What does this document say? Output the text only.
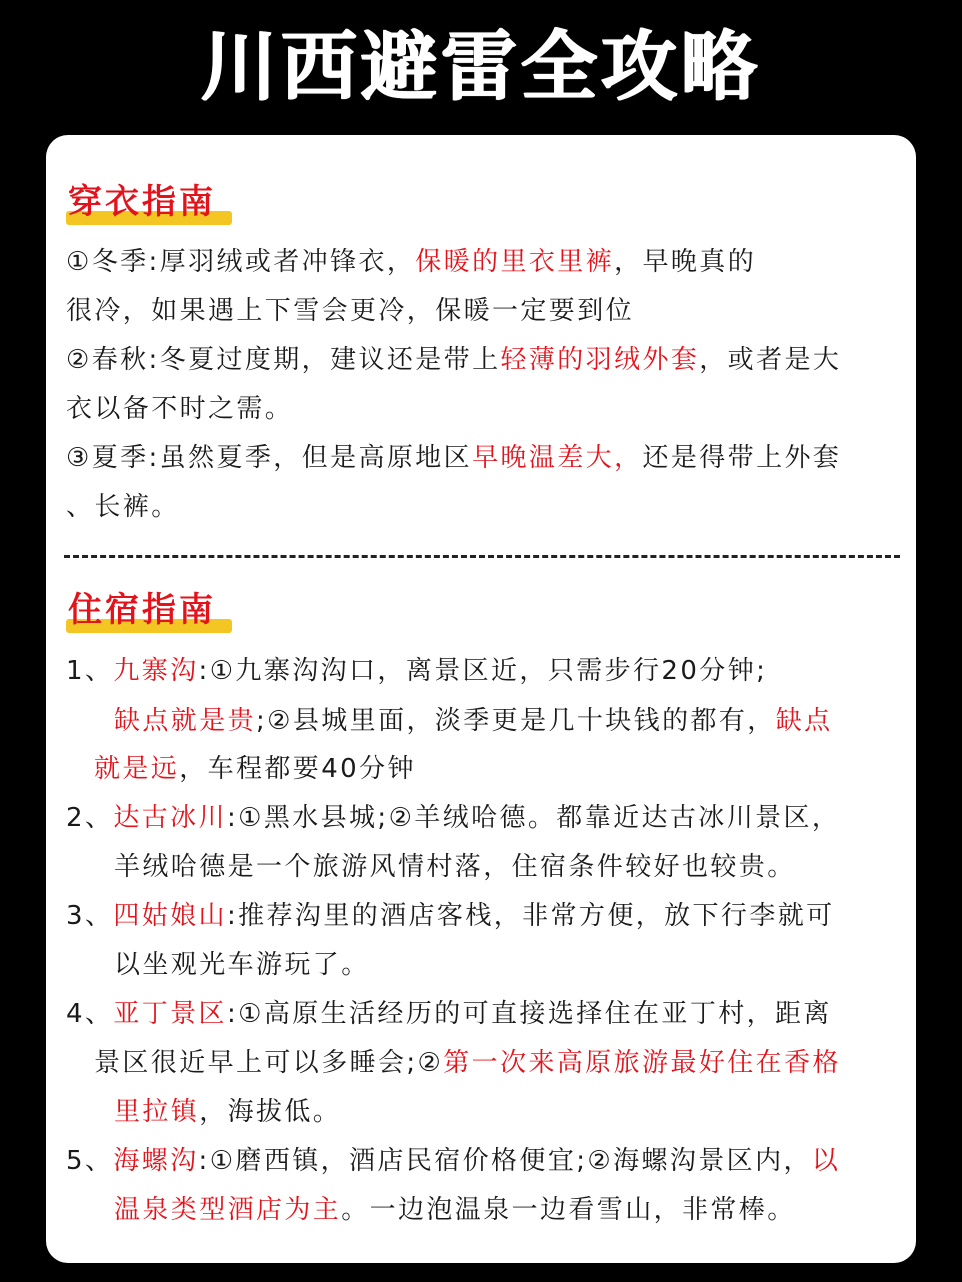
川西避雷全攻略
穿衣指南
①冬季:厚羽绒或者冲锋衣，保暖的里衣里裤，早晚真的
很冷，如果遇上下雪会更冷，保暖一定要到位
②春秋:冬夏过度期，建议还是带上轻薄的羽绒外套，或者是大
衣以备不时之需。
③夏季:虽然夏季，但是高原地区早晚温差大，还是得带上外套
、长裤。
住宿指南
1、九寨沟:①九寨沟沟口，离景区近，只需步行20分钟;
缺点就是贵;②县城里面，淡季更是几十块钱的都有，缺点
就是远，车程都要40分钟
2、达古冰川:①黑水县城;②羊绒哈德。都靠近达古冰川景区，
羊绒哈德是一个旅游风情村落，住宿条件较好也较贵。
3、四姑娘山:推荐沟里的酒店客栈，非常方便，放下行李就可
以坐观光车游玩了。
4、亚丁景区:①高原生活经历的可直接选择住在亚丁村，距离
景区很近早上可以多睡会;②第一次来高原旅游最好住在香格
里拉镇，海拔低。
5、海螺沟:①磨西镇，酒店民宿价格便宜;②海螺沟景区内，以
温泉类型酒店为主。一边泡温泉一边看雪山，非常棒。
